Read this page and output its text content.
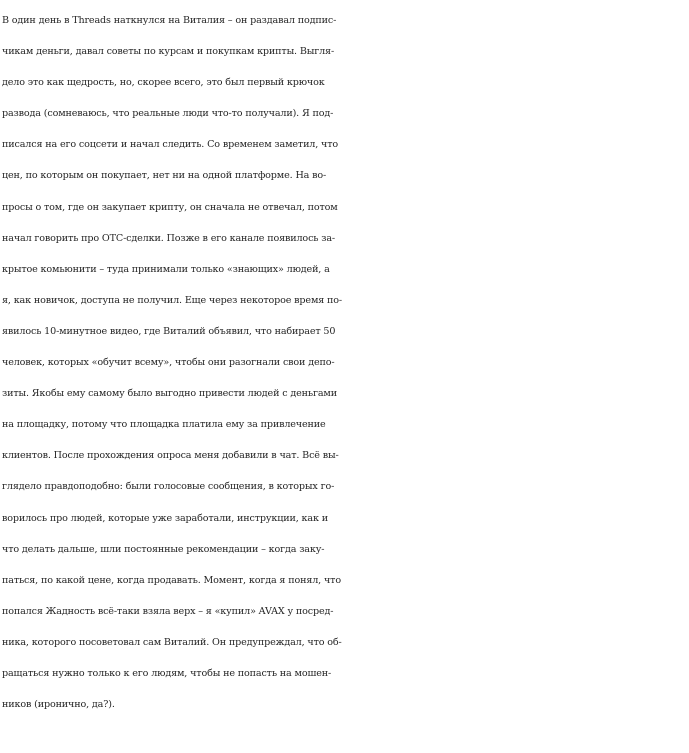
В один день в Threads наткнулся на Виталия – он раздавал подпис-
чикам деньги, давал советы по курсам и покупкам крипты. Выгля-
дело это как щедрость, но, скорее всего, это был первый крючок
развода (сомневаюсь, что реальные люди что-то получали). Я под-
писался на его соцсети и начал следить. Со временем заметил, что
цен, по которым он покупает, нет ни на одной платформе. На во-
просы о том, где он закупает крипту, он сначала не отвечал, потом
начал говорить про ОТС-сделки. Позже в его канале появилось за-
крытое комьюнити – туда принимали только «знающих» людей, а
я, как новичок, доступа не получил. Еще через некоторое время по-
явилось 10-минутное видео, где Виталий объявил, что набирает 50
человек, которых «обучит всему», чтобы они разогнали свои депо-
зиты. Якобы ему самому было выгодно привести людей с деньгами
на площадку, потому что площадка платила ему за привлечение
клиентов. После прохождения опроса меня добавили в чат. Всё вы-
глядело правдоподобно: были голосовые сообщения, в которых го-
ворилось про людей, которые уже заработали, инструкции, как и
что делать дальше, шли постоянные рекомендации – когда заку-
паться, по какой цене, когда продавать. Момент, когда я понял, что
попался Жадность всё-таки взяла верх – я «купил» AVAX у посред-
ника, которого посоветовал сам Виталий. Он предупреждал, что об-
ращаться нужно только к его людям, чтобы не попасть на мошен-
ников (иронично, да?).
